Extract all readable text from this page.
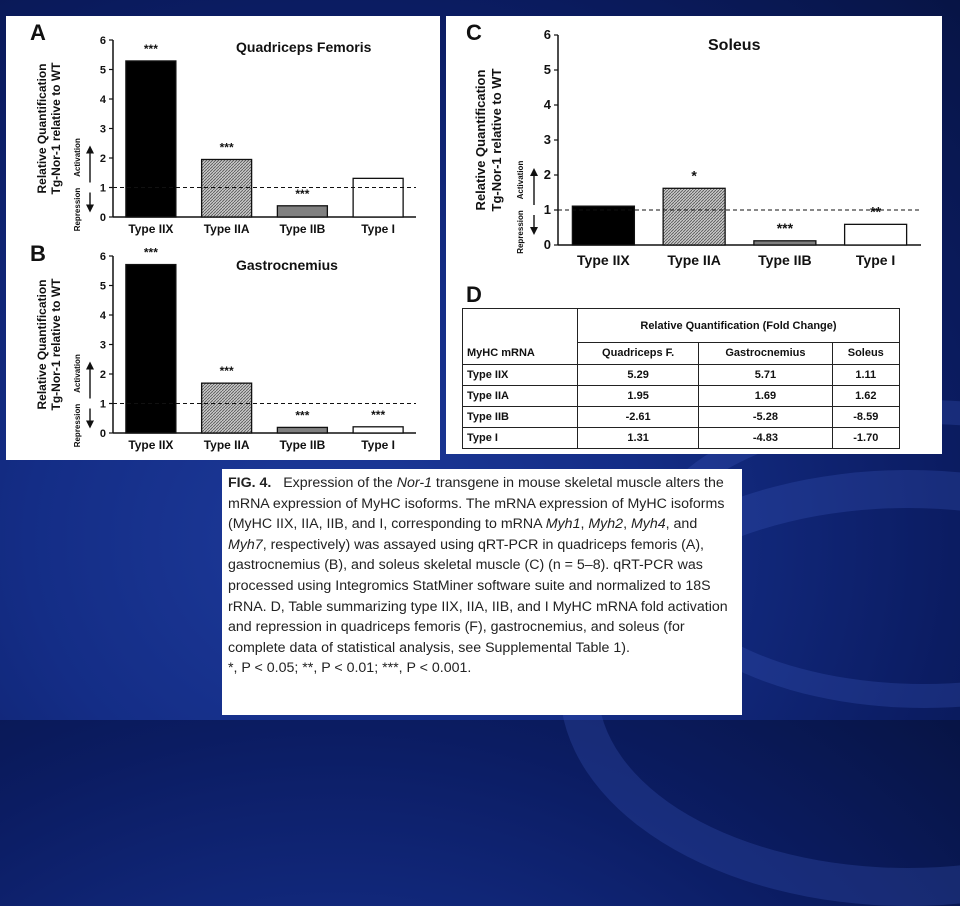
A
Quadriceps Femoris
B	Gastrocnemius
0
1
2
3
4
5
6
Type IIX
***
Type IIA
***
Type IIB
***
Type I
Activation
Repression
Relative Quantification Tg-Nor-1 relative to WT
0
1
2
3
4
5
6
Type IIX
***
Type IIA
***
Type IIB
***
Type I
***
Activation
Repression
Relative Quantification Tg-Nor-1 relative to WT
C
Soleus
0
1
2
3
4
5
6
Type IIX	Type IIA
*
Type IIB
***
Type I
**
Activation
Repression
Relative Quantification Tg-Nor-1 relative to WT
D
	Relative Quantification (Fold Change)		
MyHC mRNA	Quadriceps F.	Gastrocnemius	Soleus
Type IIX	5.29	5.71	1.11
Type IIA	1.95	1.69	1.62
Type IIB	-2.61	-5.28	-8.59
Type I	1.31	-4.83	-1.70
FIG. 4. Expression of the Nor-1 transgene in mouse skeletal muscle alters the mRNA expression of MyHC isoforms. The mRNA expression of MyHC isoforms (MyHC IIX, IIA, IIB, and I, corresponding to mRNA Myh1, Myh2, Myh4, and Myh7, respectively) was assayed using qRT-PCR in quadriceps femoris (A), gastrocnemius (B), and soleus skeletal muscle (C) (n = 5–8). qRT-PCR was processed using Integromics StatMiner software suite and normalized to 18S rRNA. D, Table summarizing type IIX, IIA, IIB, and I MyHC mRNA fold activation and repression in quadriceps femoris (F), gastrocnemius, and soleus (for complete data of statistical analysis, see Supplemental Table 1).
*, P < 0.05; **, P < 0.01; ***, P < 0.001.
